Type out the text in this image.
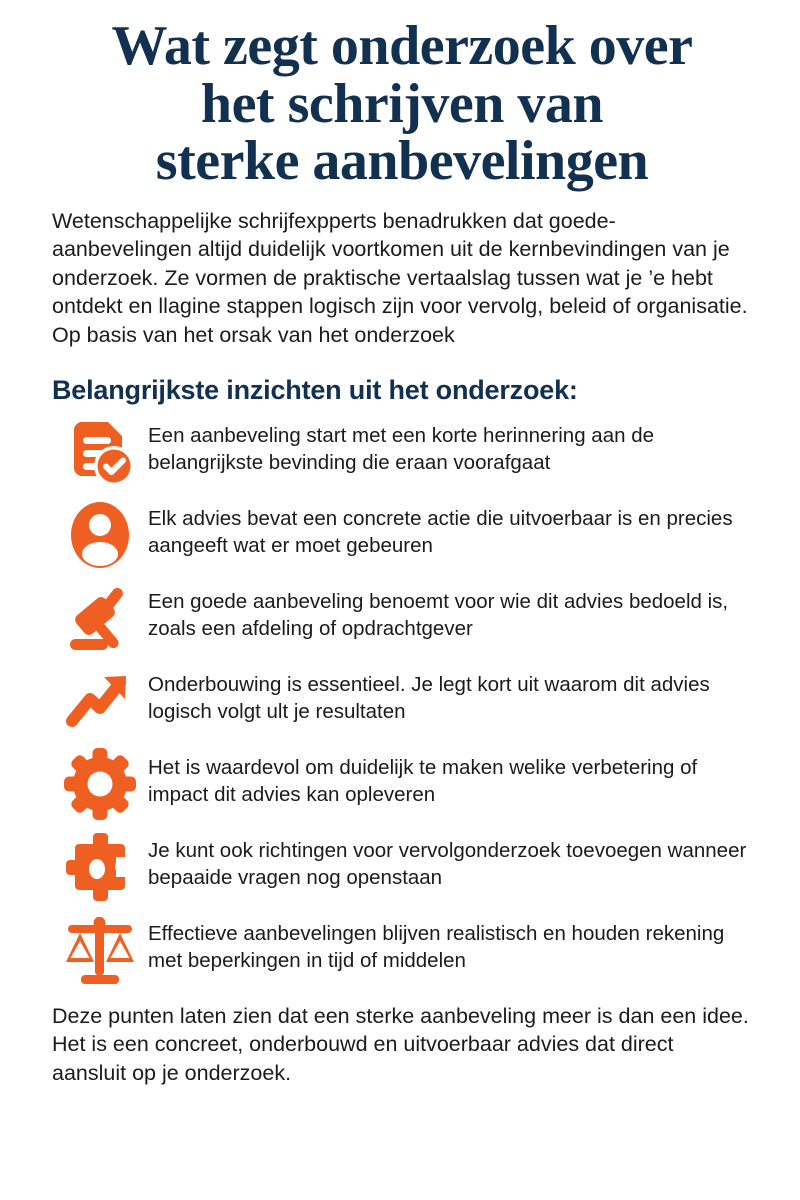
Wat zegt onderzoek over
het schrijven van
sterke aanbevelingen

Wetenschappelijke schrijfexpperts benadrukken dat goede-aanbevelingen altijd duidelijk voortkomen uit de kernbevindingen van je onderzoek. Ze vormen de praktische vertaalslag tussen wat je ’e hebt ontdekt en llagine stappen logisch zijn voor vervolg, beleid of organisatie. Op basis van het orsak van het onderzoek

Belangrijkste inzichten uit het onderzoek:
Een aanbeveling start met een korte herinnering aan de belangrijkste bevinding die eraan voorafgaat
Elk advies bevat een concrete actie die uitvoerbaar is en precies aangeeft wat er moet gebeuren
Een goede aanbeveling benoemt voor wie dit advies bedoeld is, zoals een afdeling of opdrachtgever
Onderbouwing is essentieel. Je legt kort uit waarom dit advies logisch volgt ult je resultaten
Het is waardevol om duidelijk te maken welike verbetering of impact dit advies kan opleveren
Je kunt ook richtingen voor vervolgonderzoek toevoegen wanneer bepaaide vragen nog openstaan
Effectieve aanbevelingen blijven realistisch en houden rekening met beperkingen in tijd of middelen

Deze punten laten zien dat een sterke aanbeveling meer is dan een idee. Het is een concreet, onderbouwd en uitvoerbaar advies dat direct aansluit op je onderzoek.
